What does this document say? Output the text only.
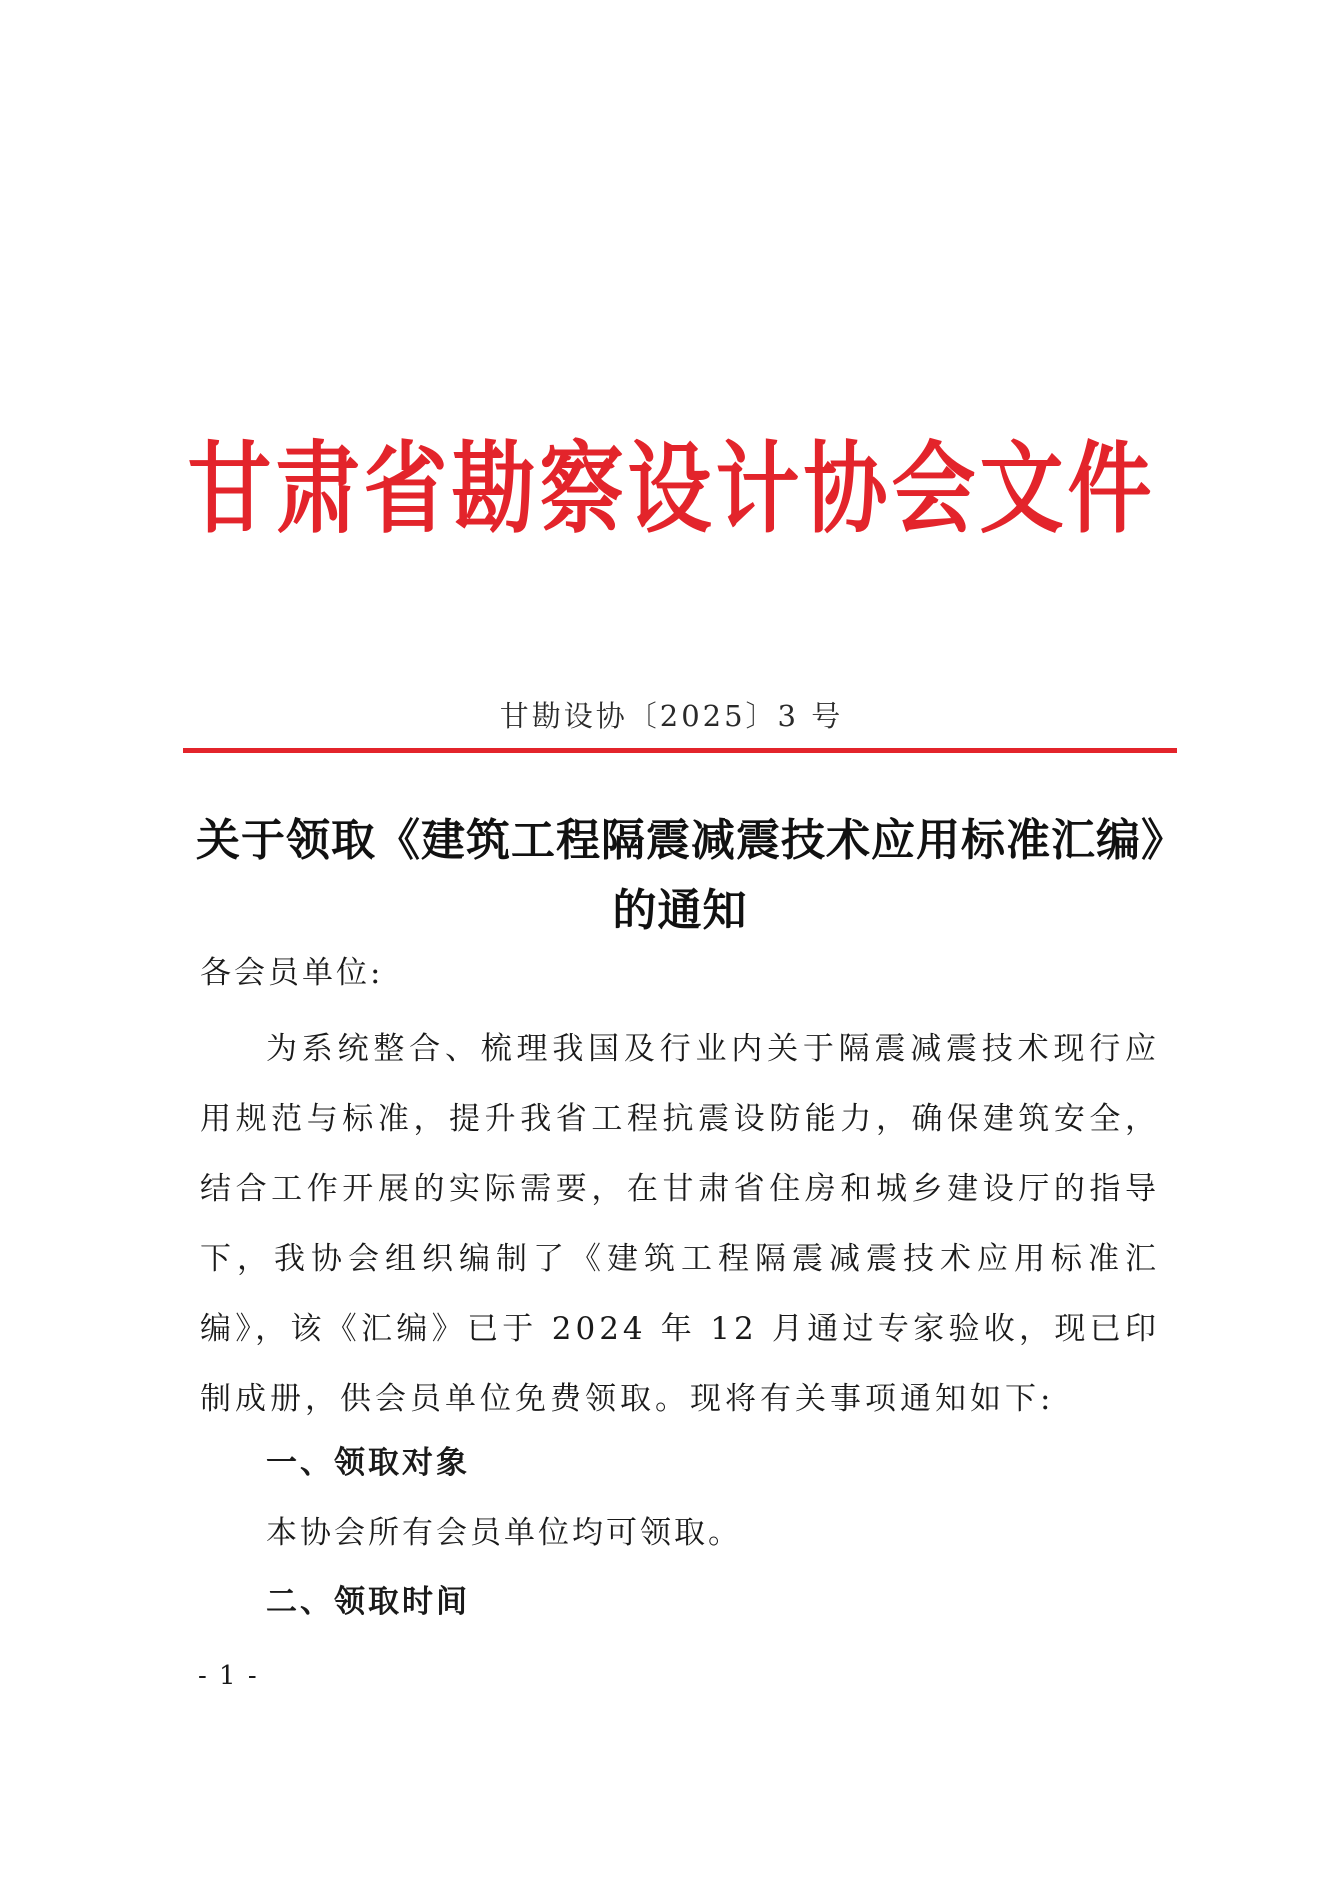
甘肃省勘察设计协会文件
甘勘设协〔2025〕3 号
关于领取《建筑工程隔震减震技术应用标准汇编》的通知
各会员单位:

为系统整合、梳理我国及行业内关于隔震减震技术现行应用规范与标准，提升我省工程抗震设防能力，确保建筑安全，结合工作开展的实际需要，在甘肃省住房和城乡建设厅的指导下，我协会组织编制了《建筑工程隔震减震技术应用标准汇编》，该《汇编》已于 2024 年 12 月通过专家验收，现已印制成册，供会员单位免费领取。现将有关事项通知如下:

一、领取对象
本协会所有会员单位均可领取。
二、领取时间
- 1 -
